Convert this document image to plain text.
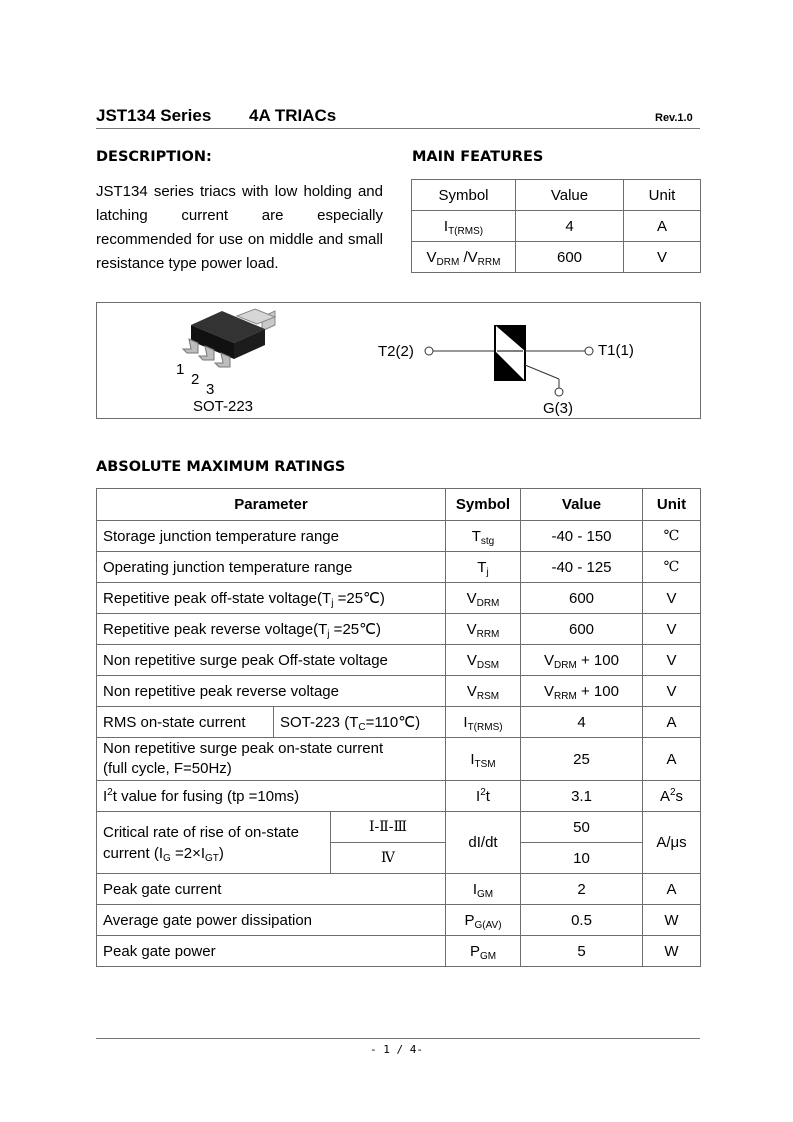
JST134 Series 4A TRIACs	Rev.1.0
DESCRIPTION:
JST134 series triacs with low holding and latching current are especially recommended for use on middle and small resistance type power load.
MAIN FEATURES
Symbol	Value	Unit
$I_{T(RMS)}$	4	A
$V_{DRM}$ $/V_{RRM}$	600	V
1
2
3
SOT-223
T2(2)	T1(1)
G(3)
ABSOLUTE MAXIMUM RATINGS
Parameter			Symbol	Value	Unit
Storage junction temperature range			$T_{stg}$	-40 - 150	℃
Operating junction temperature range			$T_j$	-40 - 125	℃
Repetitive peak off-state $voltage(T_j$ =25℃)			$V_{DRM}$	600	V
Repetitive peak reverse $voltage(T_j$ =25℃)			$V_{RRM}$	600	V
Non repetitive surge peak Off-state voltage			$V_{DSM}$	$V_{DRM} + 100$	V
Non repetitive peak reverse voltage			$V_{RSM}$	$V_{RRM} + 100$	V
RMS on-state current	SOT-223 $(T_C=110℃)$		$I_{T(RMS)}$	4	A
Non repetitive surge peak on-state current
(full cycle, F=50Hz)			$I_{TSM}$	25	A
$I^2t$ value for fusing (tp =10ms)			$I^2t$	3.1	$A^2s$
Critical rate of rise of on-state
current $(I_G =2\times I_{GT})$		Ⅰ-Ⅱ-Ⅲ	dI/dt	50	A/μs
		Ⅳ		10	
Peak gate current			$I_{GM}$	2	A
Average gate power dissipation			$P_{G(AV)}$	0.5	W
Peak gate power			$P_{GM}$	5	W
- 1 / 4-
